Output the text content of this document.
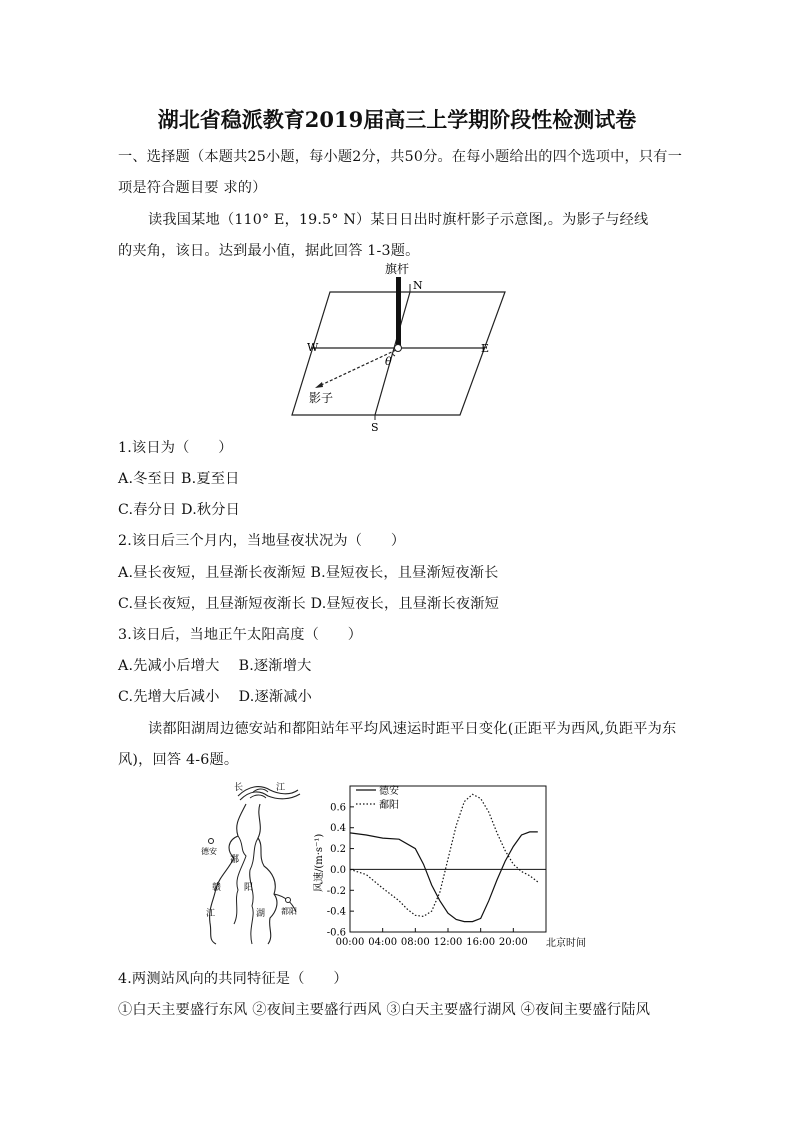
湖北省稳派教育2019届高三上学期阶段性检测试卷
一、选择题（本题共25小题，每小题2分，共50分。在每小题给出的四个选项中，只有一
项是符合题目要 求的）
读我国某地（110° E，19.5° N）某日日出时旗杆影子示意图,。为影子与经线
的夹角，该日。达到最小值，据此回答 1-3题。
旗杆
N
S
W	E
θ
影子
1.该日为（　　）
A.冬至日 B.夏至日
C.春分日 D.秋分日
2.该日后三个月内，当地昼夜状况为（　　）
A.昼长夜短，且昼渐长夜渐短 B.昼短夜长，且昼渐短夜渐长
C.昼长夜短，且昼渐短夜渐长 D.昼短夜长，且昼渐长夜渐短
3.该日后，当地正午太阳高度（　　）
A.先减小后增大　 B.逐渐增大
C.先增大后减小　 D.逐渐减小
读都阳湖周边德安站和都阳站年平均风速运时距平日变化(正距平为西风,负距平为东
风)，回答 4-6题。
长	江
德安
鄱
赣	阳
江	湖 都阳
风速/(m·s⁻¹)
北京时间
0.6
0.4
0.2
0.0
-0.2
-0.4
-0.6
00:00 04:00 08:00 12:00 16:00 20:00
德安
鄱阳
4.两测站风向的共同特征是（　　）
①白天主要盛行东风 ②夜间主要盛行西风 ③白天主要盛行湖风 ④夜间主要盛行陆风
